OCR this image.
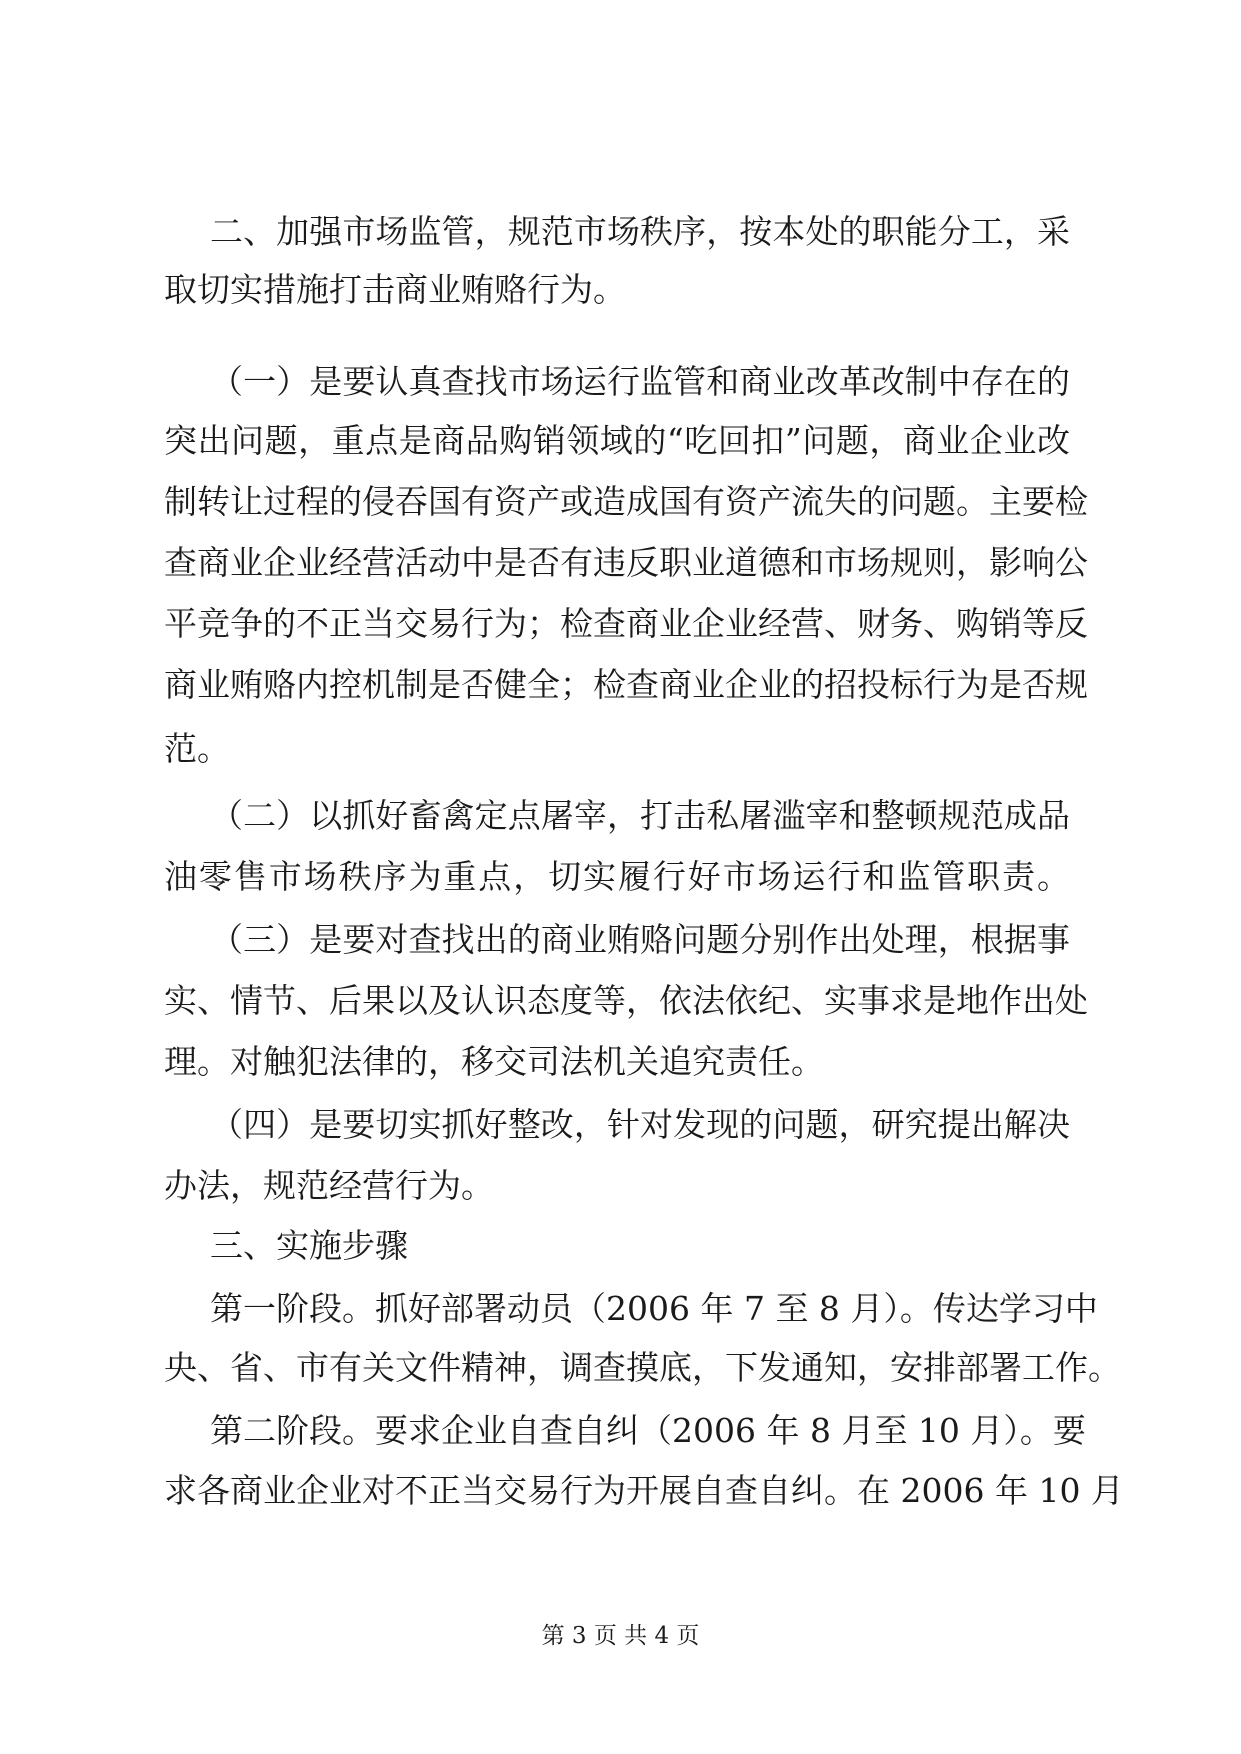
二、加强市场监管，规范市场秩序，按本处的职能分工，采
取切实措施打击商业贿赂行为。
（一）是要认真查找市场运行监管和商业改革改制中存在的
突出问题，重点是商品购销领域的“吃回扣”问题，商业企业改
制转让过程的侵吞国有资产或造成国有资产流失的问题。主要检
查商业企业经营活动中是否有违反职业道德和市场规则，影响公
平竞争的不正当交易行为；检查商业企业经营、财务、购销等反
商业贿赂内控机制是否健全；检查商业企业的招投标行为是否规
范。
（二）以抓好畜禽定点屠宰，打击私屠滥宰和整顿规范成品
油零售市场秩序为重点，切实履行好市场运行和监管职责。
（三）是要对查找出的商业贿赂问题分别作出处理，根据事
实、情节、后果以及认识态度等，依法依纪、实事求是地作出处
理。对触犯法律的，移交司法机关追究责任。
（四）是要切实抓好整改，针对发现的问题，研究提出解决
办法，规范经营行为。
三、实施步骤
第一阶段。抓好部署动员（2006 年 7 至 8 月）。传达学习中
央、省、市有关文件精神，调查摸底，下发通知，安排部署工作。
第二阶段。要求企业自查自纠（2006 年 8 月至 10 月）。要
求各商业企业对不正当交易行为开展自查自纠。在 2006 年 10 月
第 3 页 共 4 页
